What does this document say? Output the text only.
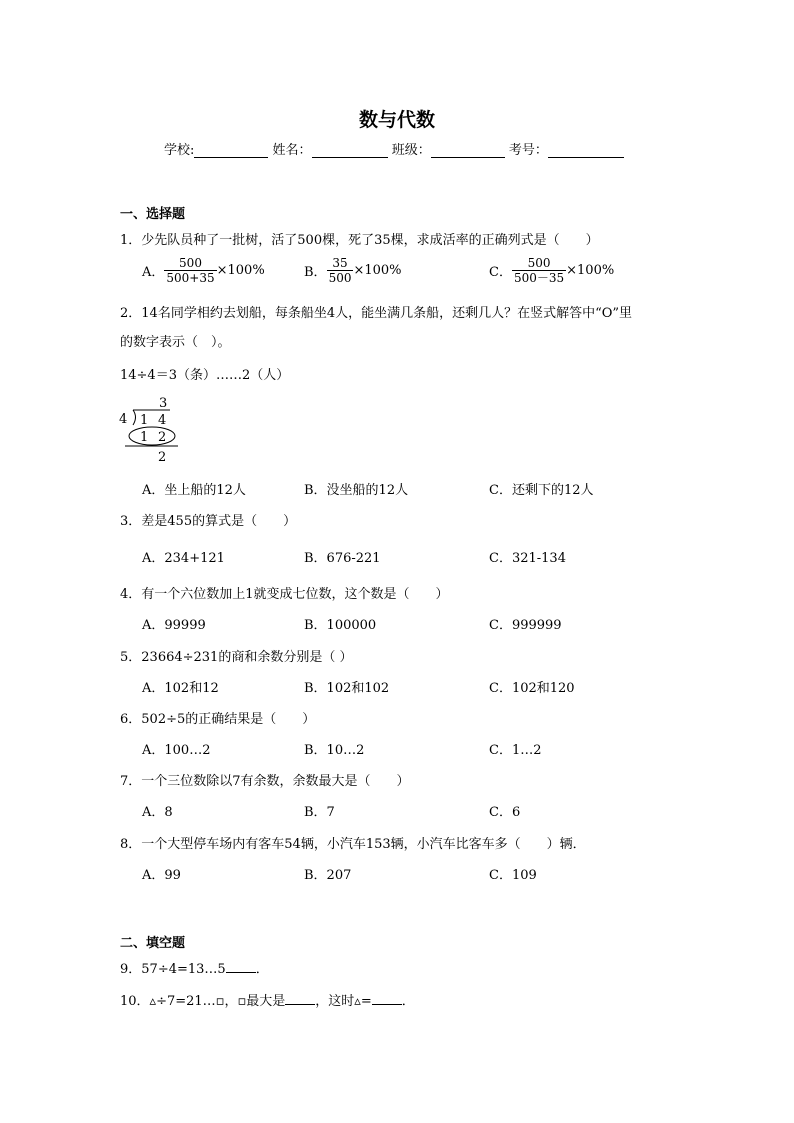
数与代数
学校:	姓名：	班级：	考号：
一、选择题
1．少先队员种了一批树，活了500棵，死了35棵，求成活率的正确列式是（　　）
A． $\frac{500}{500+35} \times 100\%$	B． $\frac{35}{500} \times 100\%$	C． $\frac{500}{500-35} \times 100\%$
2．14名同学相约去划船，每条船坐4人，能坐满几条船，还剩几人？在竖式解答中“O”里
的数字表示（　）。
14÷4＝3（条）……2（人）
3
4 1 4
1 2
2
A．坐上船的12人	B．没坐船的12人	C．还剩下的12人
3．差是455的算式是（　　）
A．234+121	B．676-221	C．321-134
4．有一个六位数加上1就变成七位数，这个数是（　　）
A．99999	B．100000	C．999999
5．23664÷231的商和余数分别是（ ）
A．102和12	B．102和102	C．102和120
6．502÷5的正确结果是（　　）
A．100…2	B．10…2	C．1…2
7．一个三位数除以7有余数，余数最大是（　　）
A．8	B．7	C．6
8．一个大型停车场内有客车54辆，小汽车153辆，小汽车比客车多（　　）辆．
A．99	B．207	C．109
二、填空题
9．57÷4=13…5 ．
10．▵÷7=21…▫，▫最大是 ，这时▵= ．
